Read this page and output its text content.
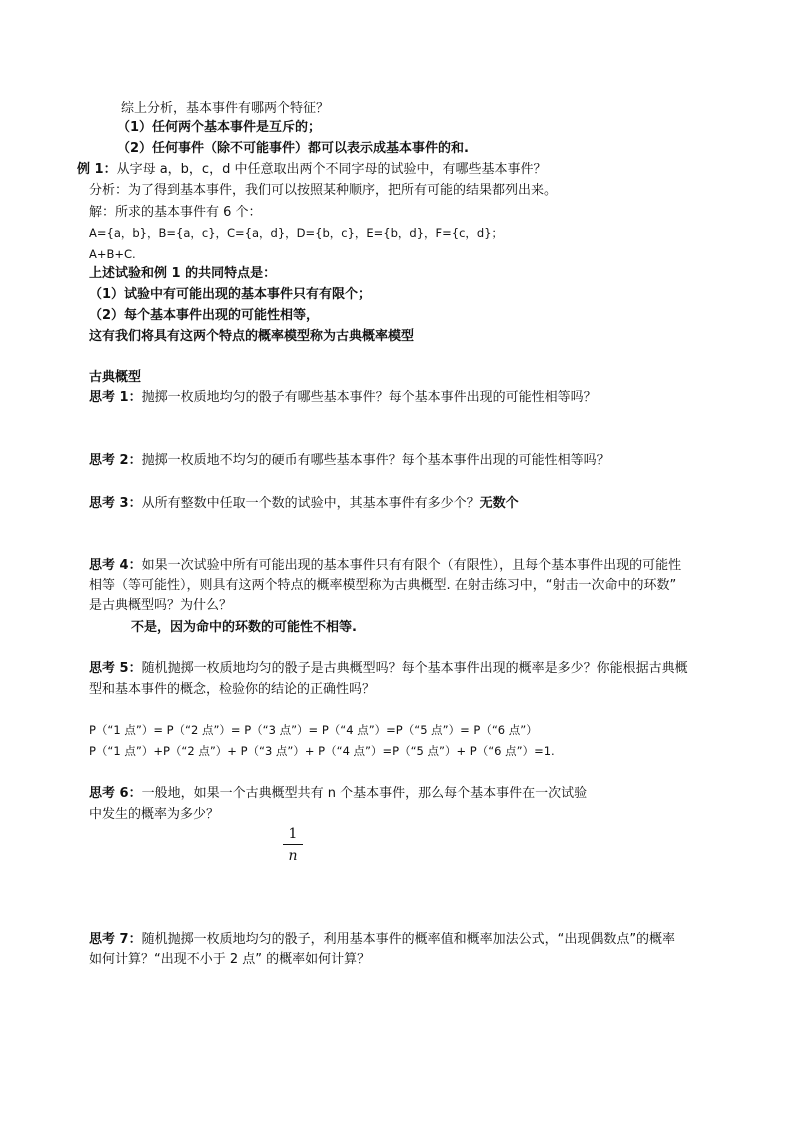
综上分析，基本事件有哪两个特征？
（1）任何两个基本事件是互斥的；
（2）任何事件（除不可能事件）都可以表示成基本事件的和.
例 1：从字母 a，b，c，d 中任意取出两个不同字母的试验中，有哪些基本事件？
分析：为了得到基本事件，我们可以按照某种顺序，把所有可能的结果都列出来。
解：所求的基本事件有 6 个：
A={a，b}，B={a，c}，C={a，d}，D={b，c}，E={b，d}，F={c，d}；
A+B+C.
上述试验和例 1 的共同特点是：
（1）试验中有可能出现的基本事件只有有限个；
（2）每个基本事件出现的可能性相等，
这有我们将具有这两个特点的概率模型称为古典概率模型
古典概型
思考 1：抛掷一枚质地均匀的骰子有哪些基本事件？每个基本事件出现的可能性相等吗？
思考 2：抛掷一枚质地不均匀的硬币有哪些基本事件？每个基本事件出现的可能性相等吗？
思考 3：从所有整数中任取一个数的试验中，其基本事件有多少个？无数个
思考 4：如果一次试验中所有可能出现的基本事件只有有限个（有限性），且每个基本事件出现的可能性
相等（等可能性），则具有这两个特点的概率模型称为古典概型. 在射击练习中，“射击一次命中的环数”
是古典概型吗？为什么？
不是，因为命中的环数的可能性不相等.
思考 5：随机抛掷一枚质地均匀的骰子是古典概型吗？每个基本事件出现的概率是多少？你能根据古典概
型和基本事件的概念，检验你的结论的正确性吗？
P（“1 点”）= P（“2 点”）= P（“3 点”）= P（“4 点”）=P（“5 点”）= P（“6 点”）
P（“1 点”）+P（“2 点”）+ P（“3 点”）+ P（“4 点”）=P（“5 点”）+ P（“6 点”）=1.
思考 6：一般地，如果一个古典概型共有 n 个基本事件，那么每个基本事件在一次试验
中发生的概率为多少？
1
n
思考 7：随机抛掷一枚质地均匀的骰子，利用基本事件的概率值和概率加法公式，“出现偶数点”的概率
如何计算？“出现不小于 2 点” 的概率如何计算？
